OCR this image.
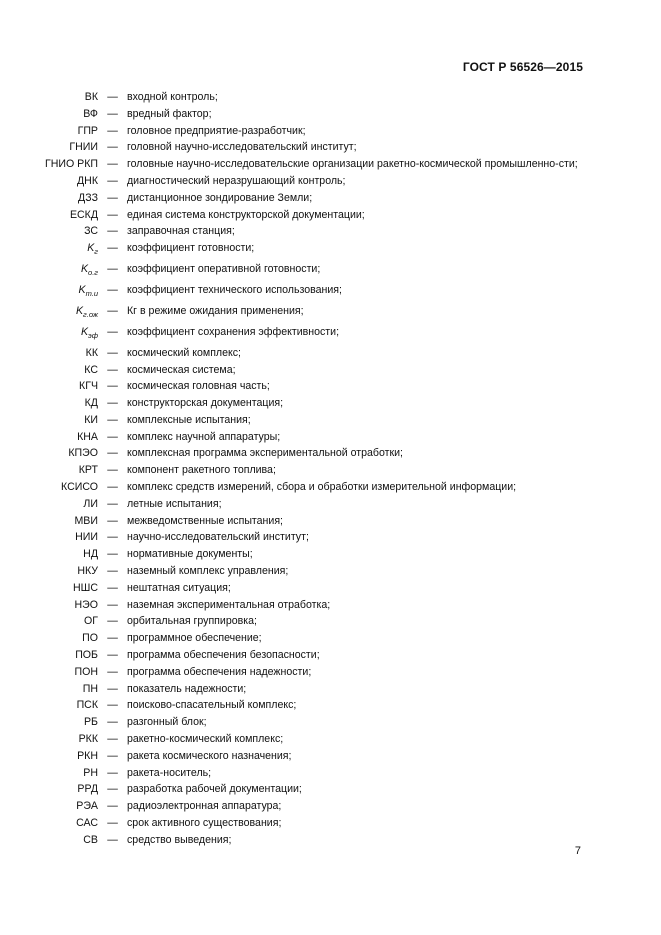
ГОСТ Р 56526—2015
ВК — входной контроль;
ВФ — вредный фактор;
ГПР — головное предприятие-разработчик;
ГНИИ — головной научно-исследовательский институт;
ГНИО РКП — головные научно-исследовательские организации ракетно-космической промышленно-сти;
ДНК — диагностический неразрушающий контроль;
ДЗЗ — дистанционное зондирование Земли;
ЕСКД — единая система конструкторской документации;
ЗС — заправочная станция;
$K_г$ — коэффициент готовности;
$K_{о.г}$ — коэффициент оперативной готовности;
$K_{т.и}$ — коэффициент технического использования;
$K_{г.ож}$ — Кг в режиме ожидания применения;
$K_{эф}$ — коэффициент сохранения эффективности;
КК — космический комплекс;
КС — космическая система;
КГЧ — космическая головная часть;
КД — конструкторская документация;
КИ — комплексные испытания;
КНА — комплекс научной аппаратуры;
КПЭО — комплексная программа экспериментальной отработки;
КРТ — компонент ракетного топлива;
КСИСО — комплекс средств измерений, сбора и обработки измерительной информации;
ЛИ — летные испытания;
МВИ — межведомственные испытания;
НИИ — научно-исследовательский институт;
НД — нормативные документы;
НКУ — наземный комплекс управления;
НШС — нештатная ситуация;
НЭО — наземная экспериментальная отработка;
ОГ — орбитальная группировка;
ПО — программное обеспечение;
ПОБ — программа обеспечения безопасности;
ПОН — программа обеспечения надежности;
ПН — показатель надежности;
ПСК — поисково-спасательный комплекс;
РБ — разгонный блок;
РКК — ракетно-космический комплекс;
РКН — ракета космического назначения;
РН — ракета-носитель;
РРД — разработка рабочей документации;
РЭА — радиоэлектронная аппаратура;
САС — срок активного существования;
СВ — средство выведения;
7
